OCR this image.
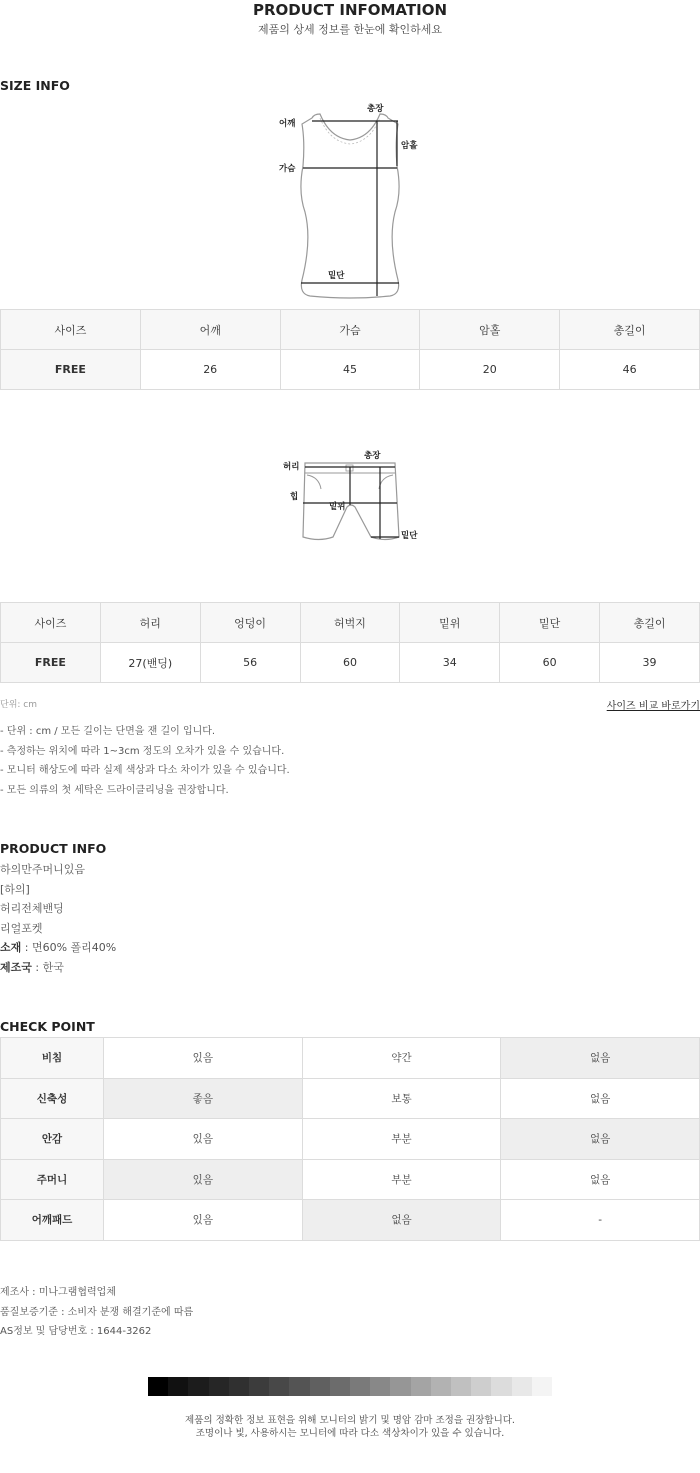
PRODUCT INFOMATION
제품의 상세 정보를 한눈에 확인하세요
SIZE INFO
어깨
총장
암홀
가슴
밑단
사이즈	어깨	가슴	암홀	총길이
FREE	26	45	20	46
총장
허리
힙
밑위
밑단
사이즈	허리	엉덩이	허벅지	밑위	밑단	총길이
FREE	27(밴딩)	56	60	34	60	39
단위: cm	사이즈 비교 바로가기
- 단위 : cm / 모든 길이는 단면을 잰 길이 입니다.
- 측정하는 위치에 따라 1~3cm 정도의 오차가 있을 수 있습니다.
- 모니터 해상도에 따라 실제 색상과 다소 차이가 있을 수 있습니다.
- 모든 의류의 첫 세탁은 드라이클리닝을 권장합니다.
PRODUCT INFO
하의만주머니있음
[하의]
허리전체밴딩
리얼포켓
소재 : 면60% 폴리40%
제조국 : 한국
CHECK POINT
비침	있음	약간	없음
신축성	좋음	보통	없음
안감	있음	부분	없음
주머니	있음	부분	없음
어깨패드	있음	없음	-
제조사 : 미나그램협력업체
품질보증기준 : 소비자 분쟁 해결기준에 따름
AS정보 및 담당번호 : 1644-3262
제품의 정확한 정보 표현을 위해 모니터의 밝기 및 명암 감마 조정을 권장합니다.
조명이나 빛, 사용하시는 모니터에 따라 다소 색상차이가 있을 수 있습니다.
